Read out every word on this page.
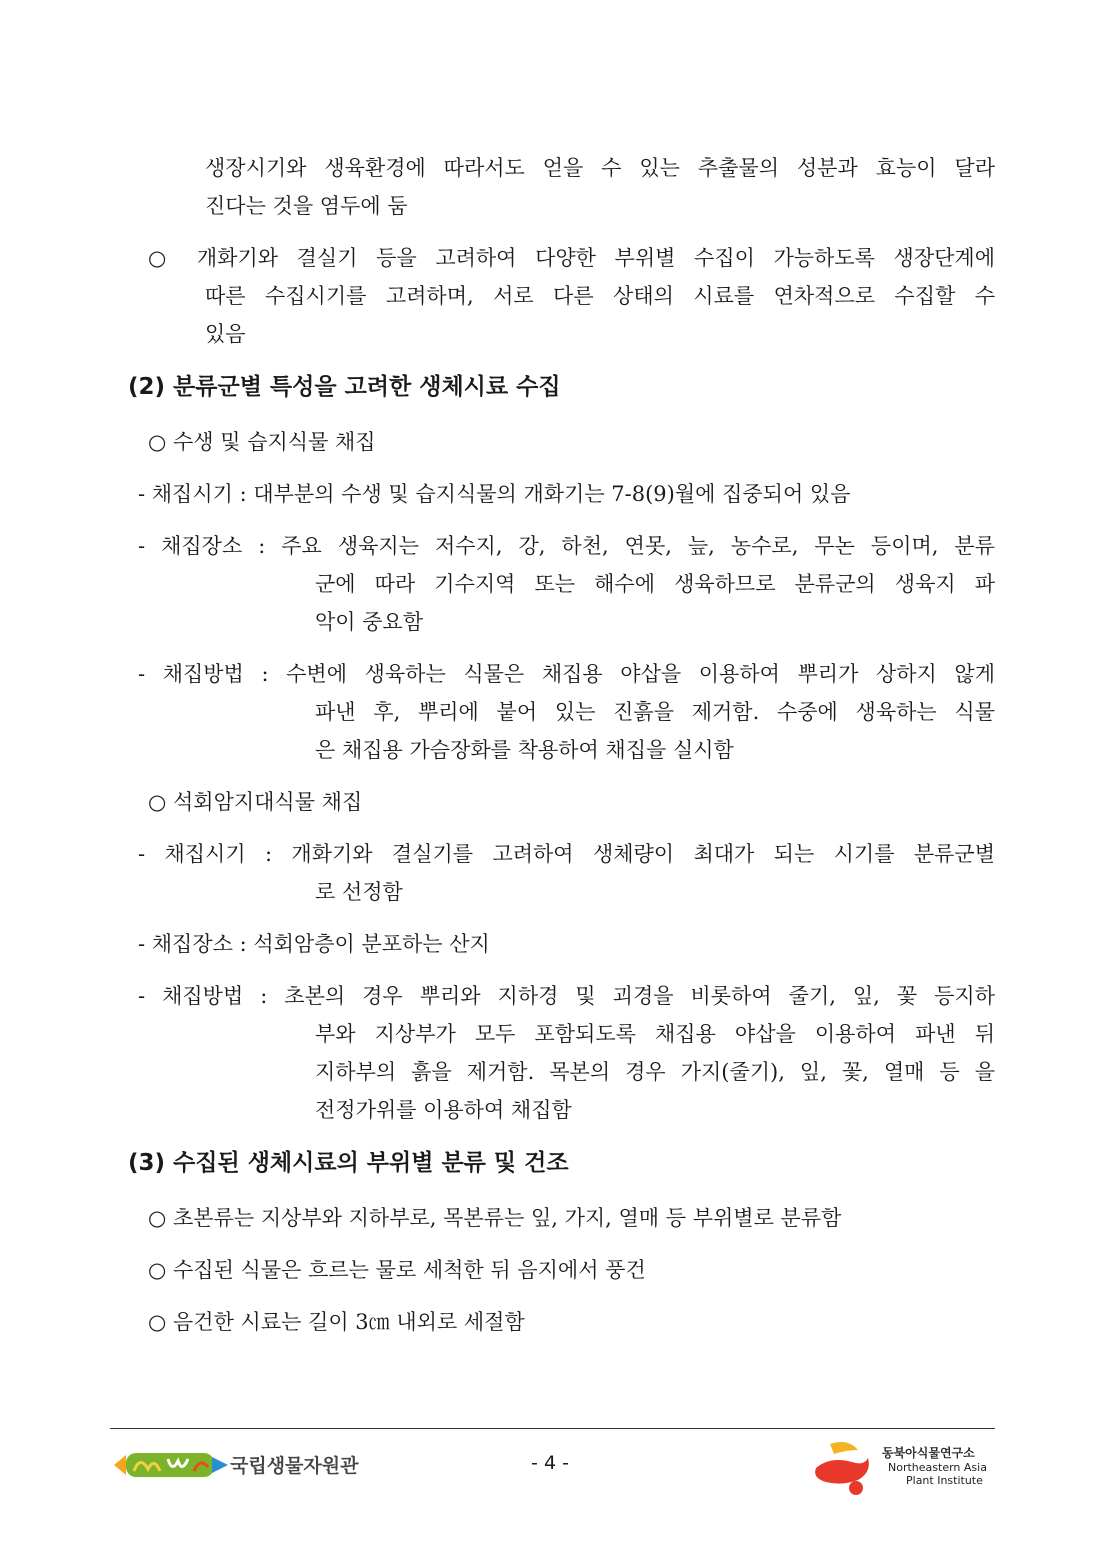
생장시기와 생육환경에 따라서도 얻을 수 있는 추출물의 성분과 효능이 달라
진다는 것을 염두에 둠
○ 개화기와 결실기 등을 고려하여 다양한 부위별 수집이 가능하도록 생장단계에
따른 수집시기를 고려하며, 서로 다른 상태의 시료를 연차적으로 수집할 수
있음
(2) 분류군별 특성을 고려한 생체시료 수집
○ 수생 및 습지식물 채집
- 채집시기 : 대부분의 수생 및 습지식물의 개화기는 7-8(9)월에 집중되어 있음
- 채집장소 : 주요 생육지는 저수지, 강, 하천, 연못, 늪, 농수로, 무논 등이며, 분류
군에 따라 기수지역 또는 해수에 생육하므로 분류군의 생육지 파
악이 중요함
- 채집방법 : 수변에 생육하는 식물은 채집용 야삽을 이용하여 뿌리가 상하지 않게
파낸 후, 뿌리에 붙어 있는 진흙을 제거함. 수중에 생육하는 식물
은 채집용 가슴장화를 착용하여 채집을 실시함
○ 석회암지대식물 채집
- 채집시기 : 개화기와 결실기를 고려하여 생체량이 최대가 되는 시기를 분류군별
로 선정함
- 채집장소 : 석회암층이 분포하는 산지
- 채집방법 : 초본의 경우 뿌리와 지하경 및 괴경을 비롯하여 줄기, 잎, 꽃 등지하
부와 지상부가 모두 포함되도록 채집용 야삽을 이용하여 파낸 뒤
지하부의 흙을 제거함. 목본의 경우 가지(줄기), 잎, 꽃, 열매 등 을
전정가위를 이용하여 채집함
(3) 수집된 생체시료의 부위별 분류 및 건조
○ 초본류는 지상부와 지하부로, 목본류는 잎, 가지, 열매 등 부위별로 분류함
○ 수집된 식물은 흐르는 물로 세척한 뒤 음지에서 풍건
○ 음건한 시료는 길이 3㎝ 내외로 세절함
국립생물자원관	- 4 -	동북아식물연구소
Northeastern Asia
Plant Institute
